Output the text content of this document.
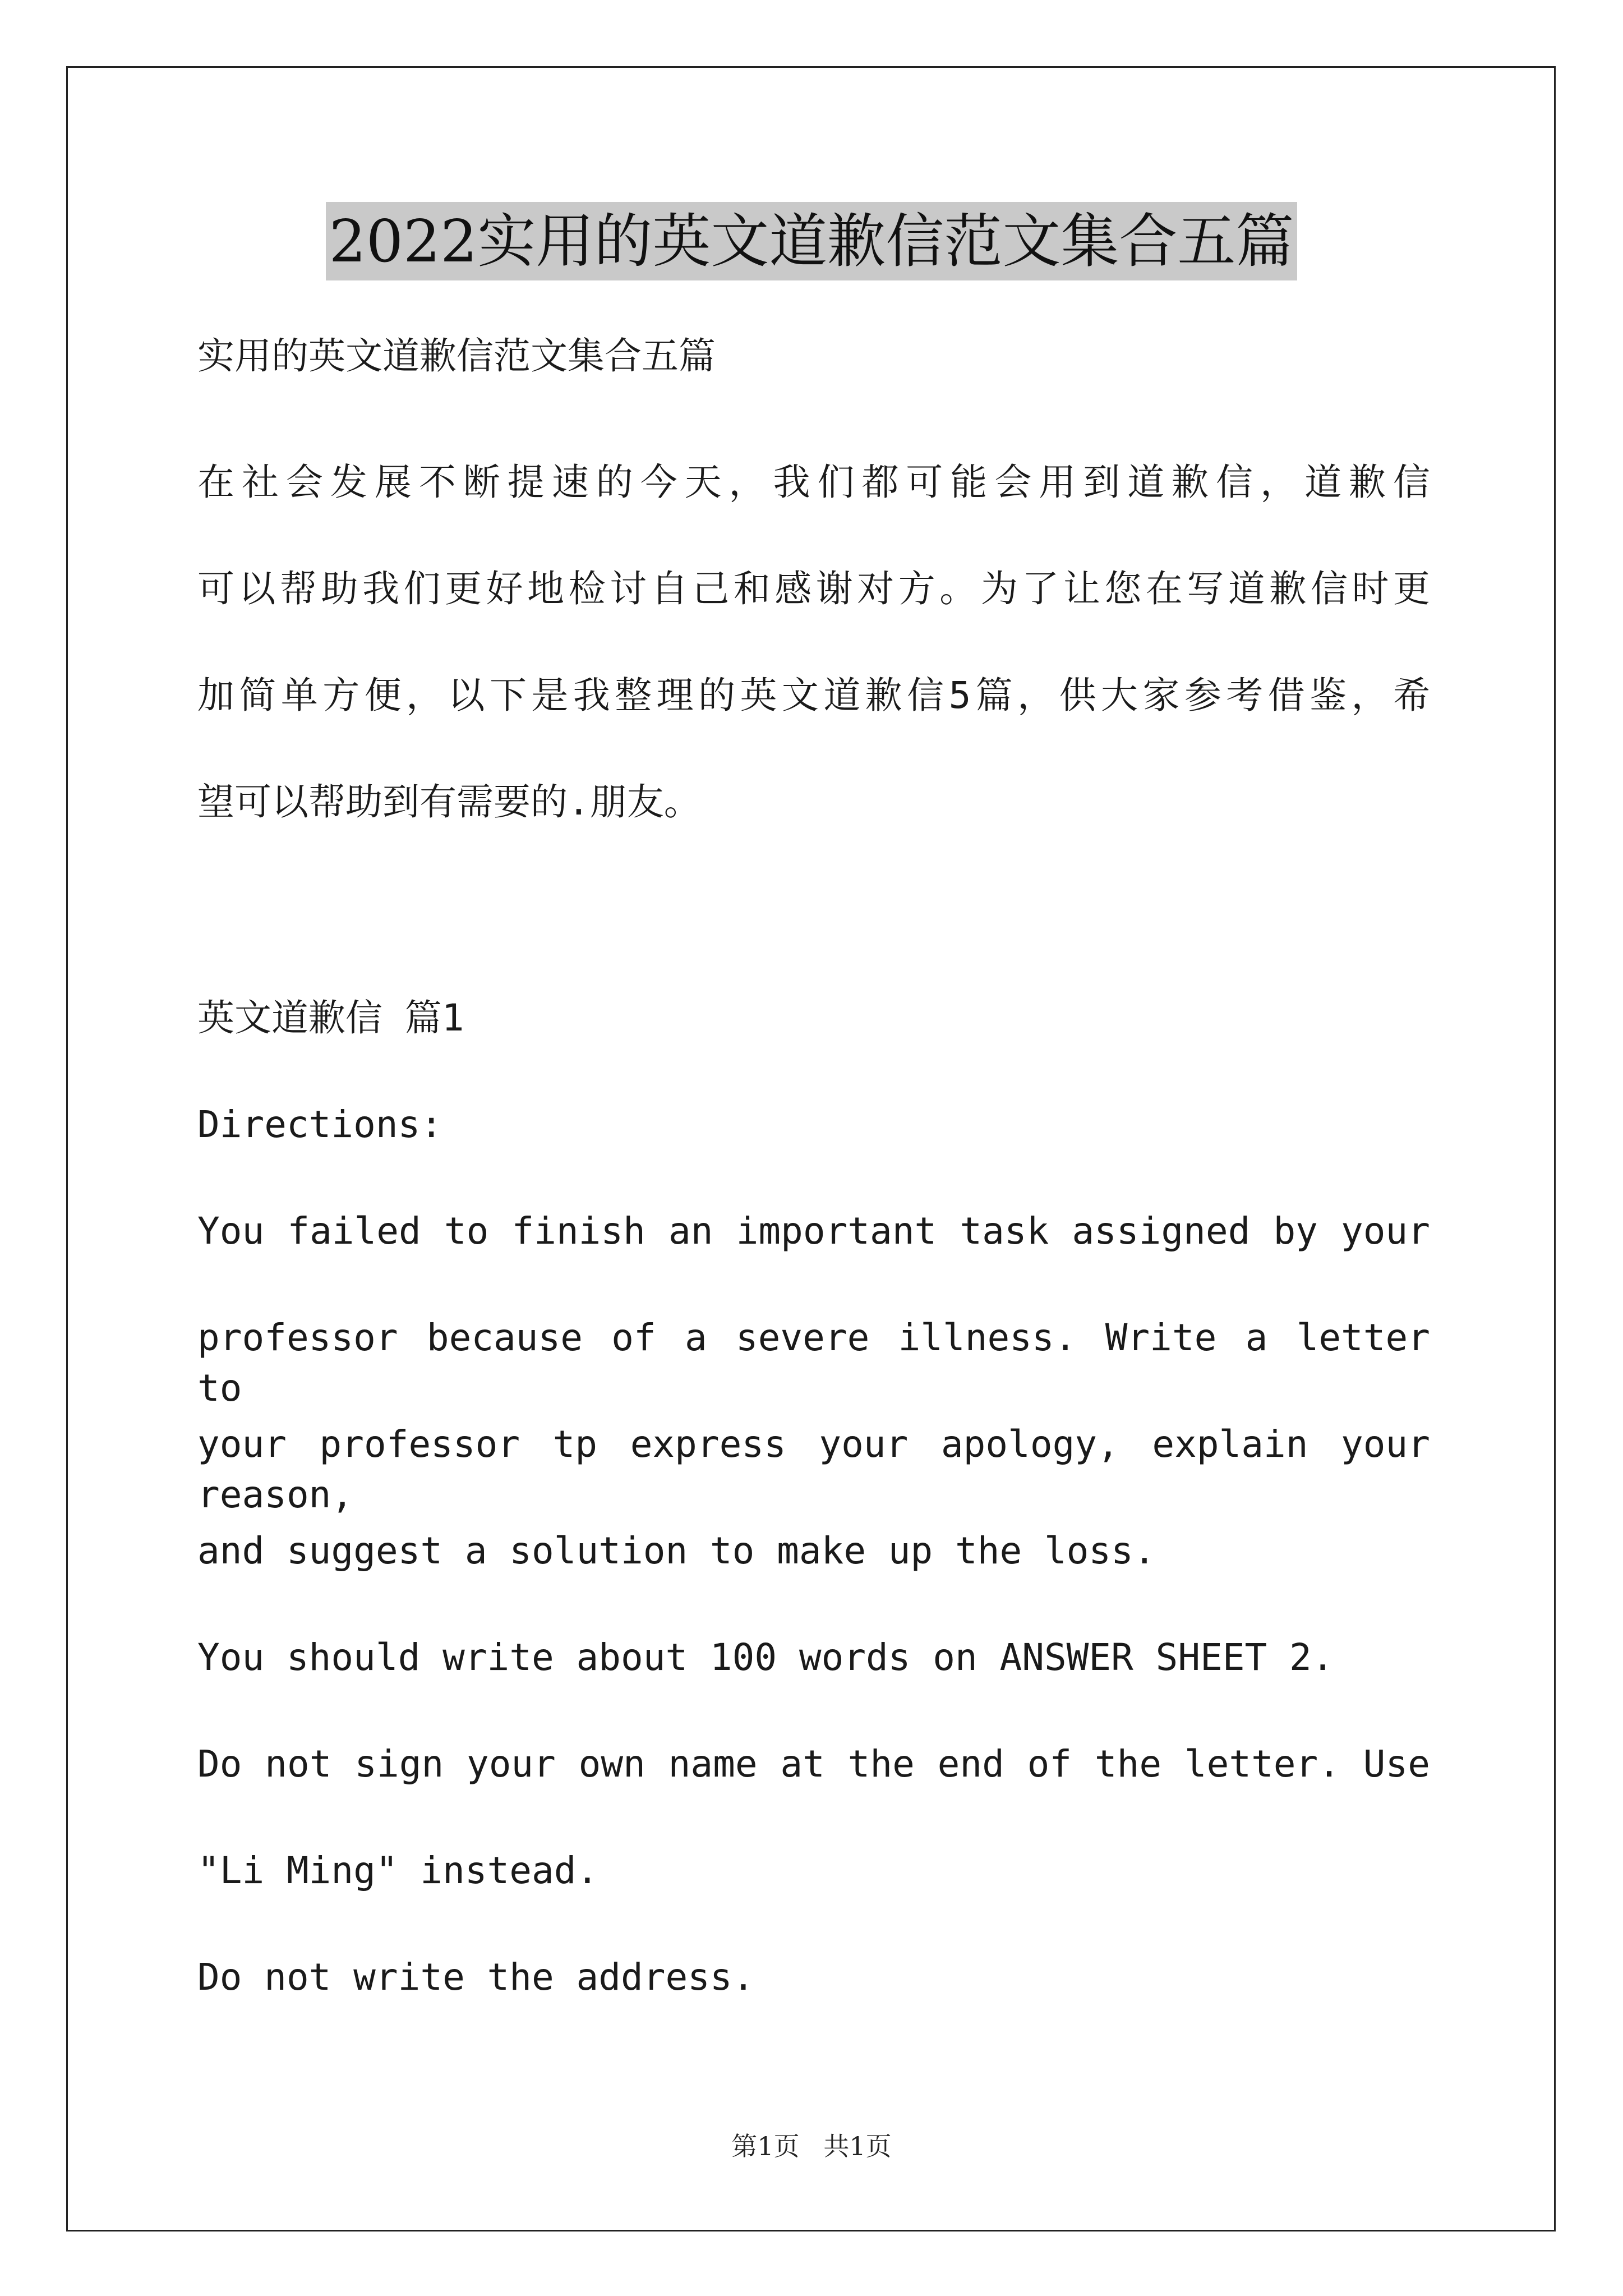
2022实用的英文道歉信范文集合五篇
实用的英文道歉信范文集合五篇
在社会发展不断提速的今天，我们都可能会用到道歉信，道歉信
可以帮助我们更好地检讨自己和感谢对方。为了让您在写道歉信时更
加简单方便，以下是我整理的英文道歉信5篇，供大家参考借鉴，希
望可以帮助到有需要的.朋友。
英文道歉信 篇1
Directions:
You failed to finish an important task assigned by your
professor because of a severe illness. Write a letter to
your professor tp express your apology, explain your reason,
and suggest a solution to make up the loss.
You should write about 100 words on ANSWER SHEET 2.
Do not sign your own name at the end of the letter. Use
"Li Ming" instead.
Do not write the address.
第1页 共1页
